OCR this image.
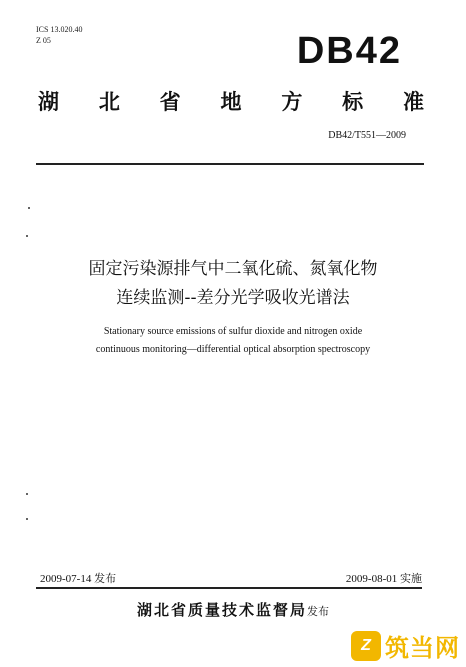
ICS 13.020.40
Z 05	DB42
湖 北 省 地 方 标 准
DB42/T551—2009
固定污染源排气中二氧化硫、氮氧化物
连续监测--差分光学吸收光谱法
Stationary source emissions of sulfur dioxide and nitrogen oxide
continuous monitoring—differential optical absorption spectroscopy
2009-07-14 发布	2009-08-01 实施
湖北省质量技术监督局发布
Z 筑当网
